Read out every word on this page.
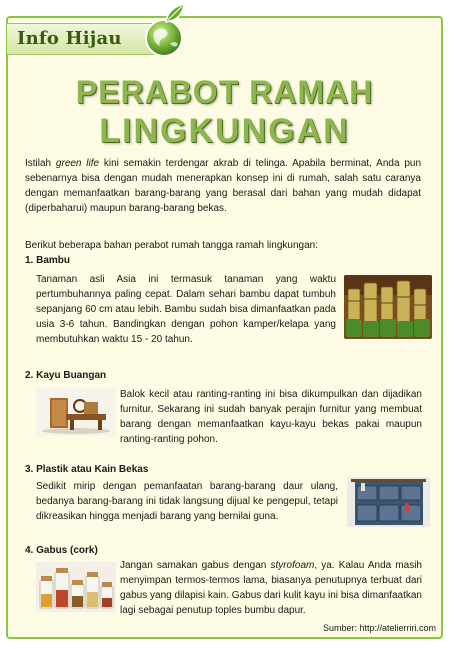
Info Hijau
PERABOT RAMAH
LINGKUNGAN

Istilah green life kini semakin terdengar akrab di telinga. Apabila berminat, Anda pun sebenarnya bisa dengan mudah menerapkan konsep ini di rumah, salah satu caranya dengan memanfaatkan barang-barang yang berasal dari bahan yang mudah didapat (diperbaharui) maupun barang-barang bekas.

Berikut beberapa bahan perabot rumah tangga ramah lingkungan:

1. Bambu

Tanaman asli Asia ini termasuk tanaman yang waktu pertumbuhannya paling cepat. Dalam sehari bambu dapat tumbuh sepanjang 60 cm atau lebih. Bambu sudah bisa dimanfaatkan pada usia 3-6 tahun. Bandingkan dengan pohon kamper/kelapa yang membutuhkan waktu 15 - 20 tahun.

2. Kayu Buangan

Balok kecil atau ranting-ranting ini bisa dikumpulkan dan dijadikan furnitur. Sekarang ini sudah banyak perajin furnitur yang membuat barang dengan memanfaatkan kayu-kayu bekas pakai maupun ranting-ranting pohon.

3. Plastik atau Kain Bekas

Sedikit mirip dengan pemanfaatan barang-barang daur ulang, bedanya barang-barang ini tidak langsung dijual ke pengepul, tetapi dikreasikan hingga menjadi barang yang bernilai guna.

4. Gabus (cork)

Jangan samakan gabus dengan styrofoam, ya. Kalau Anda masih menyimpan termos-termos lama, biasanya penutupnya terbuat dari gabus yang dilapisi kain. Gabus dari kulit kayu ini bisa dimanfaatkan lagi sebagai penutup toples bumbu dapur.

Sumber: http://atelierriri.com
